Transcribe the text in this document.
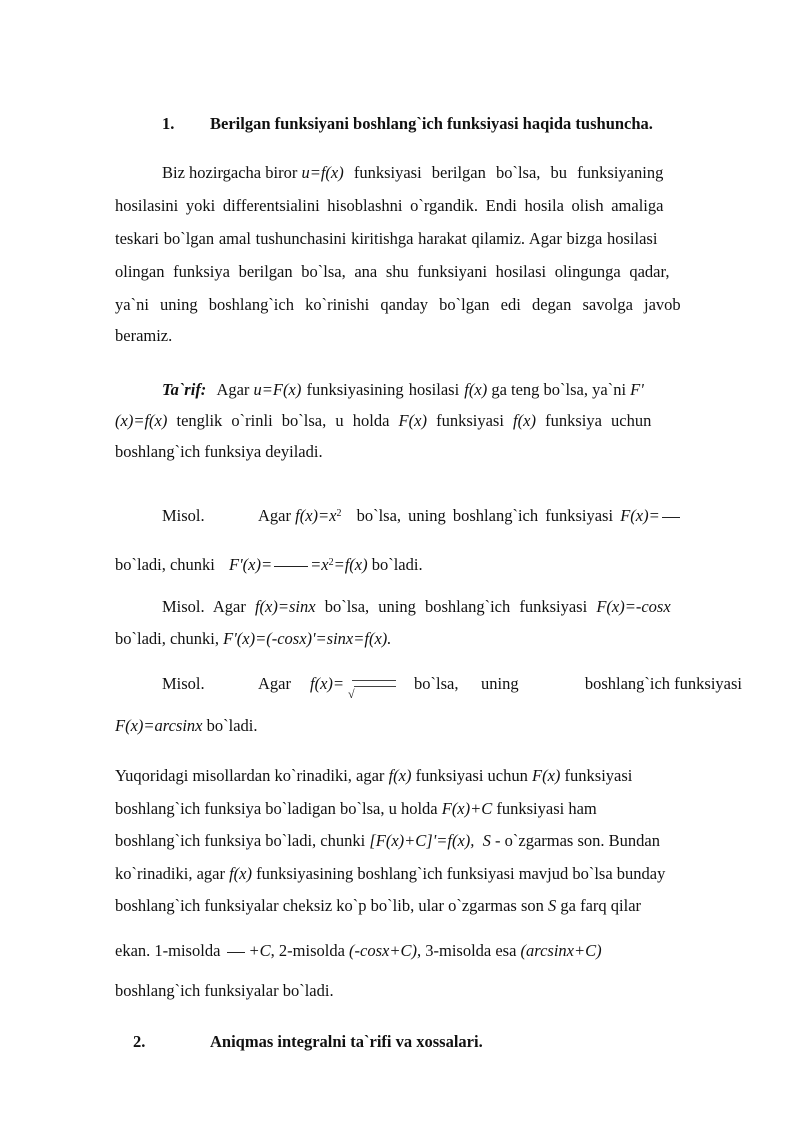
1. Berilgan funksiyani boshlang`ich funksiyasi haqida tushuncha.
Biz hozirgacha biror u=f(x) funksiyasi berilgan bo`lsa, bu funksiyaning
hosilasini yoki differentsialini hisoblashni o`rgandik. Endi hosila olish amaliga
teskari bo`lgan amal tushunchasini kiritishga harakat qilamiz. Agar bizga hosilasi
olingan funksiya berilgan bo`lsa, ana shu funksiyani hosilasi olingunga qadar,
ya`ni uning boshlang`ich ko`rinishi qanday bo`lgan edi degan savolga javob
beramiz.
Ta`rif: Agar u=F(x) funksiyasining hosilasi f(x) ga teng bo`lsa, ya`ni F'
(x)=f(x) tenglik o`rinli bo`lsa, u holda F(x) funksiyasi f(x) funksiya uchun
boshlang`ich funksiya deyiladi.
Misol.	Agar $f(x)=x^2$ bo`lsa, uning boshlang`ich funksiyasi F(x)=
bo`ladi, chunki $F'(x)= =x^2=f(x)$ bo`ladi.
Misol. Agar f(x)=sinx bo`lsa, uning boshlang`ich funksiyasi F(x)=-cosx
bo`ladi, chunki, F'(x)=(-cosx)'=sinx=f(x).
Misol.	Agar f(x)=
√
bo`lsa, uning	boshlang`ich funksiyasi
F(x)=arcsinx bo`ladi.
Yuqoridagi misollardan ko`rinadiki, agar f(x) funksiyasi uchun F(x) funksiyasi
boshlang`ich funksiya bo`ladigan bo`lsa, u holda F(x)+C funksiyasi ham
boshlang`ich funksiya bo`ladi, chunki [F(x)+C]'=f(x),  S - o`zgarmas son. Bundan
ko`rinadiki, agar f(x) funksiyasining boshlang`ich funksiyasi mavjud bo`lsa bunday
boshlang`ich funksiyalar cheksiz ko`p bo`lib, ular o`zgarmas son S ga farq qilar
ekan. 1-misolda +C, 2-misolda (-cosx+C), 3-misolda esa (arcsinx+C)
boshlang`ich funksiyalar bo`ladi.
2.	Aniqmas integralni ta`rifi va xossalari.
